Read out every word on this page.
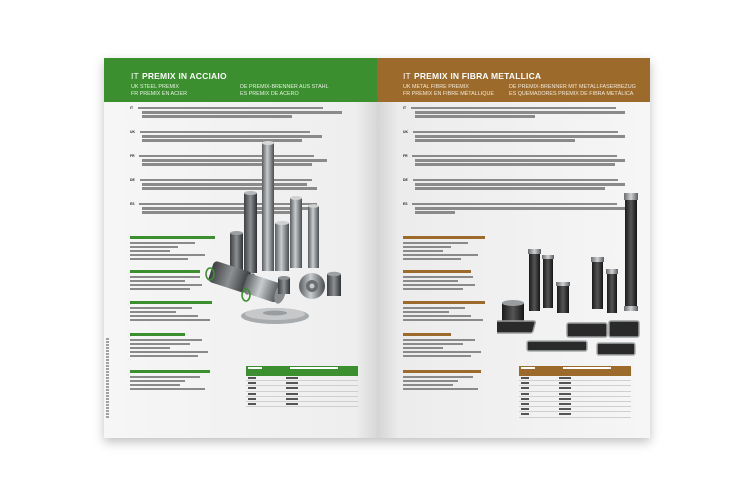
IT PREMIX IN ACCIAIO
UK STEEL PREMIX
FR PREMIX EN ACIER
DE PREMIX-BRENNER AUS STAHL
ES PREMIX DE ACERO
IT

UK

FR

DE

ES

IT PREMIX IN FIBRA METALLICA
UK METAL FIBRE PREMIX
FR PREMIX EN FIBRE MÉTALLIQUE
DE PREMIX-BRENNER MIT METALLFASERBEZUG
ES QUEMADORES PREMIX DE FIBRA METÁLICA
IT

UK

FR

DE

ES
